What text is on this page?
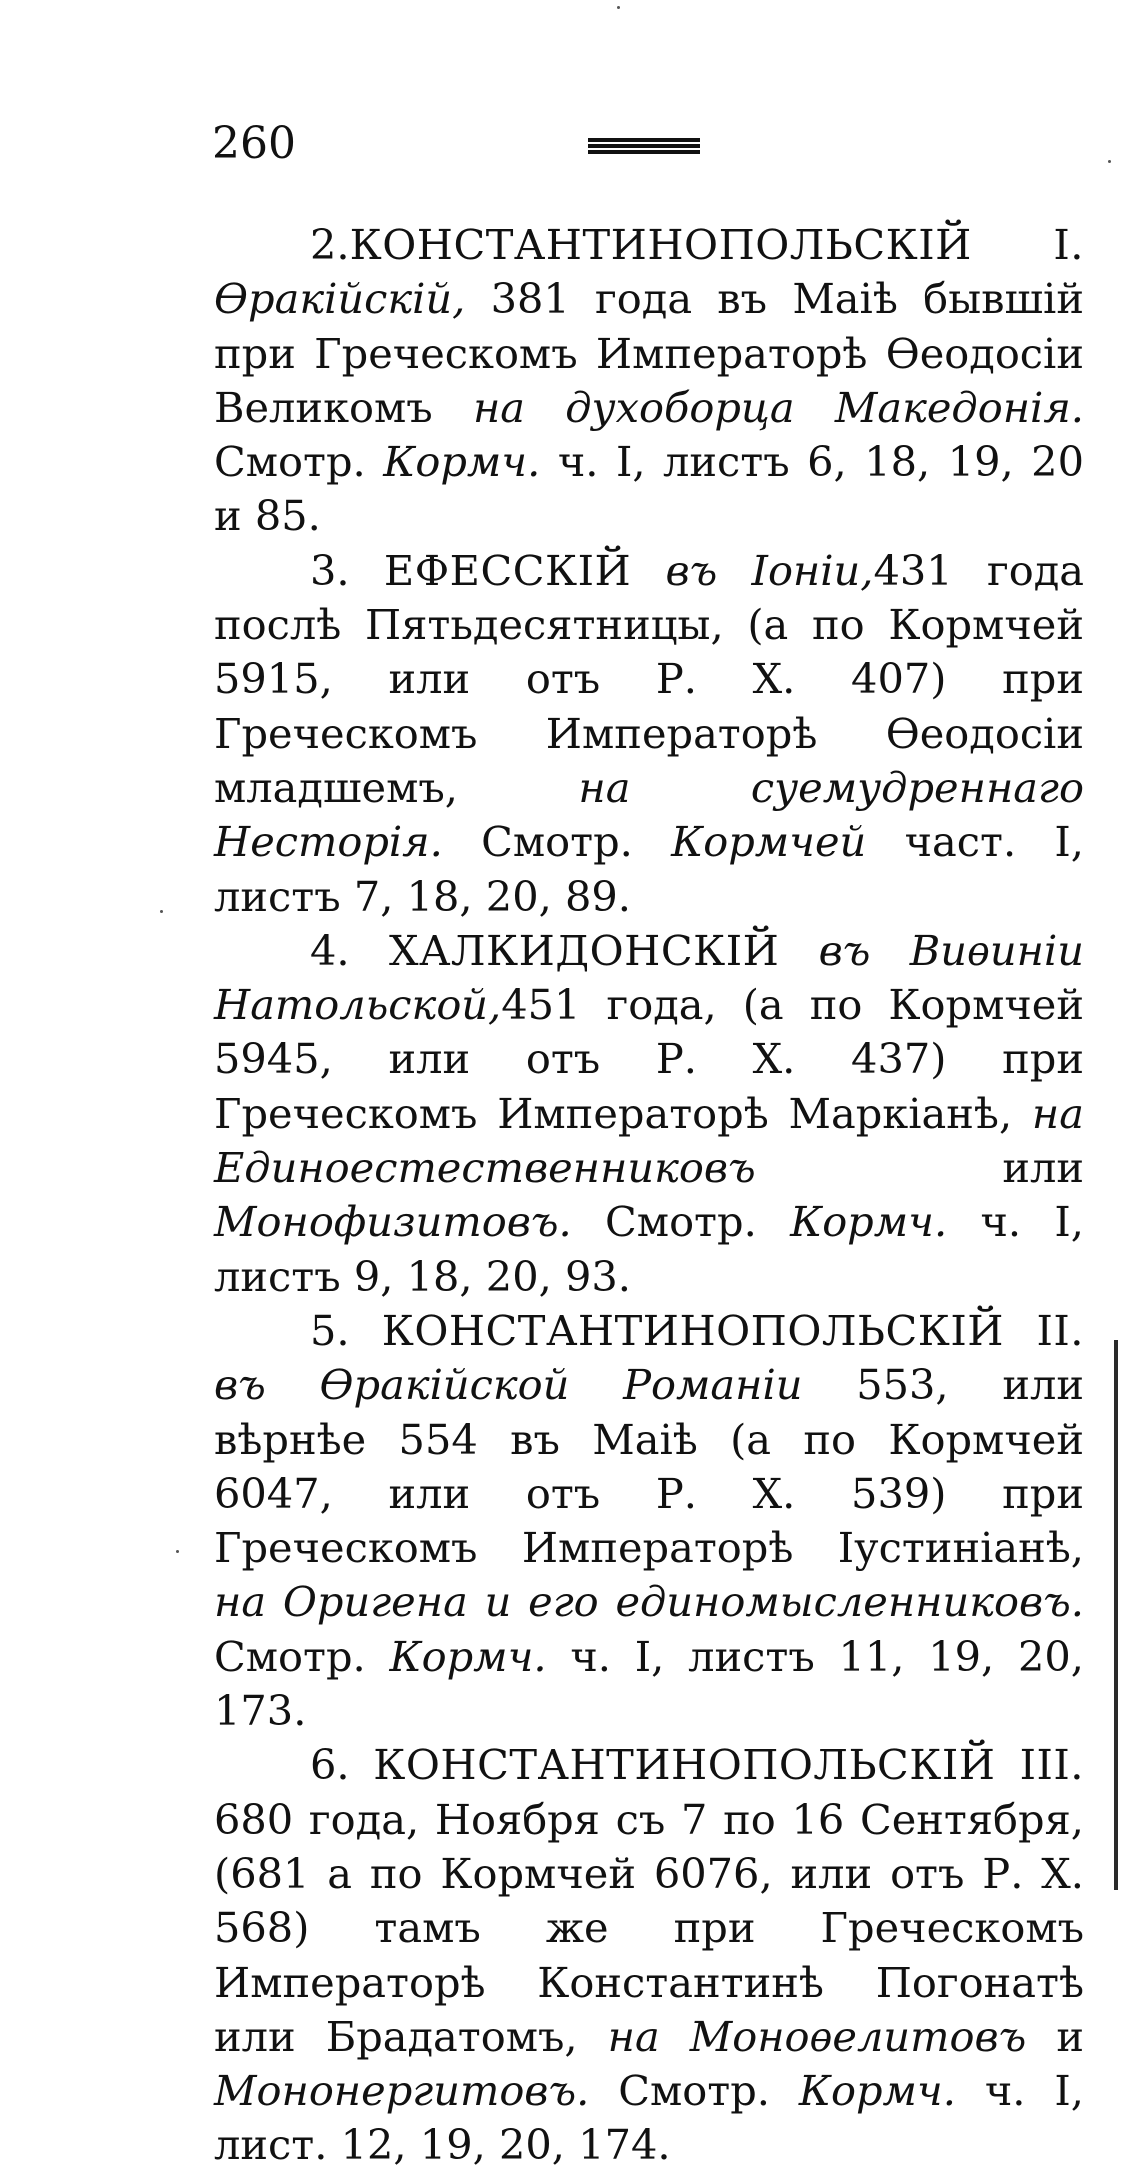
260

2.КОНСТАНТИНОПОЛЬСКІЙ І. Ѳракійскій, 381 года въ Маіѣ бывшій при Греческомъ Императорѣ Ѳеодосіи Великомъ на духоборца Македонія. Смотр. Кормч. ч. I, листъ 6, 18, 19, 20 и 85.

3. ЕФЕССКІЙ въ Іоніи,431 года послѣ Пятьдесятницы, (а по Кормчей 5915, или отъ Р. Х. 407) при Греческомъ Императорѣ Ѳеодосіи младшемъ,	на суемудреннаго Несторія. Смотр. Кормчей част. I, листъ 7, 18, 20, 89.

4. ХАЛКИДОНСКІЙ въ Виѳиніи Натольской,451 года, (а по Кормчей 5945, или отъ Р. Х. 437) при Греческомъ Императорѣ Маркіанѣ, на Единоестественниковъ	или Монофизитовъ. Смотр. Кормч. ч. I, листъ 9, 18, 20, 93.

5. КОНСТАНТИНОПОЛЬСКІЙ ІІ. въ Ѳракійской Романіи 553, или вѣрнѣе 554 въ Маіѣ (а по Кормчей 6047, или отъ Р. Х. 539) при Греческомъ Императорѣ Іустиніанѣ, на Оригена и его единомысленниковъ. Смотр. Кормч. ч. I, листъ 11, 19, 20, 173.

6. КОНСТАНТИНОПОЛЬСКІЙ ІІІ. 680 года, Ноября съ 7 по 16 Сентября, (681 а по Кормчей 6076, или отъ Р. Х. 568) тамъ же при Греческомъ Императорѣ Константинѣ Погонатѣ или Брадатомъ, на Моноѳелитовъ и Мононергитовъ. Смотр. Кормч. ч. I, лист. 12, 19, 20, 174.
